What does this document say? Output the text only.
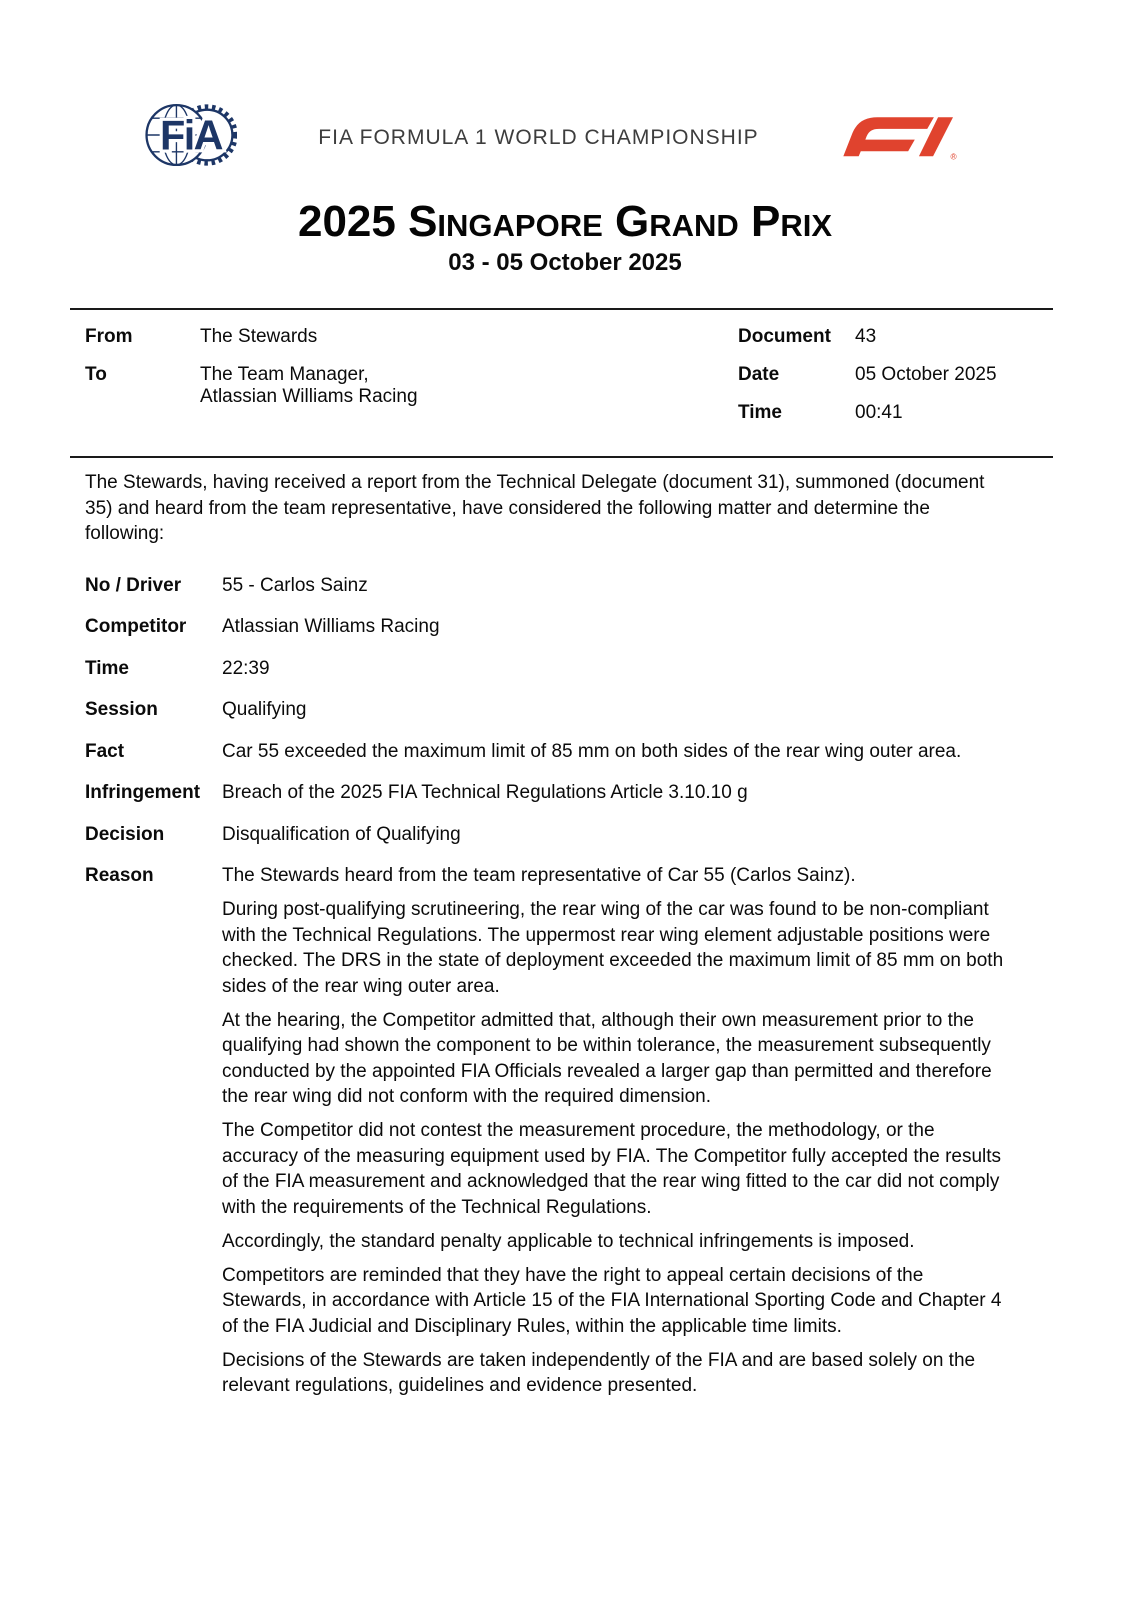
FiA	FIA FORMULA 1 WORLD CHAMPIONSHIP
®
2025 Singapore Grand Prix
03 - 05 October 2025
From	The Stewards
To	The Team Manager,
Atlassian Williams Racing
Document	43
Date	05 October 2025
Time	00:41

The Stewards, having received a report from the Technical Delegate (document 31), summoned (document 35) and heard from the team representative, have considered the following matter and determine the following:

No / Driver	55 - Carlos Sainz
Competitor	Atlassian Williams Racing
Time	22:39
Session	Qualifying
Fact	Car 55 exceeded the maximum limit of 85 mm on both sides of the rear wing outer area.
Infringement	Breach of the 2025 FIA Technical Regulations Article 3.10.10 g
Decision	Disqualification of Qualifying
Reason	The Stewards heard from the team representative of Car 55 (Carlos Sainz).

During post-qualifying scrutineering, the rear wing of the car was found to be non-compliant with the Technical Regulations. The uppermost rear wing element adjustable positions were checked. The DRS in the state of deployment exceeded the maximum limit of 85 mm on both sides of the rear wing outer area.

At the hearing, the Competitor admitted that, although their own measurement prior to the qualifying had shown the component to be within tolerance, the measurement subsequently conducted by the appointed FIA Officials revealed a larger gap than permitted and therefore the rear wing did not conform with the required dimension.

The Competitor did not contest the measurement procedure, the methodology, or the accuracy of the measuring equipment used by FIA. The Competitor fully accepted the results of the FIA measurement and acknowledged that the rear wing fitted to the car did not comply with the requirements of the Technical Regulations.

Accordingly, the standard penalty applicable to technical infringements is imposed.

Competitors are reminded that they have the right to appeal certain decisions of the Stewards, in accordance with Article 15 of the FIA International Sporting Code and Chapter 4 of the FIA Judicial and Disciplinary Rules, within the applicable time limits.

Decisions of the Stewards are taken independently of the FIA and are based solely on the relevant regulations, guidelines and evidence presented.
